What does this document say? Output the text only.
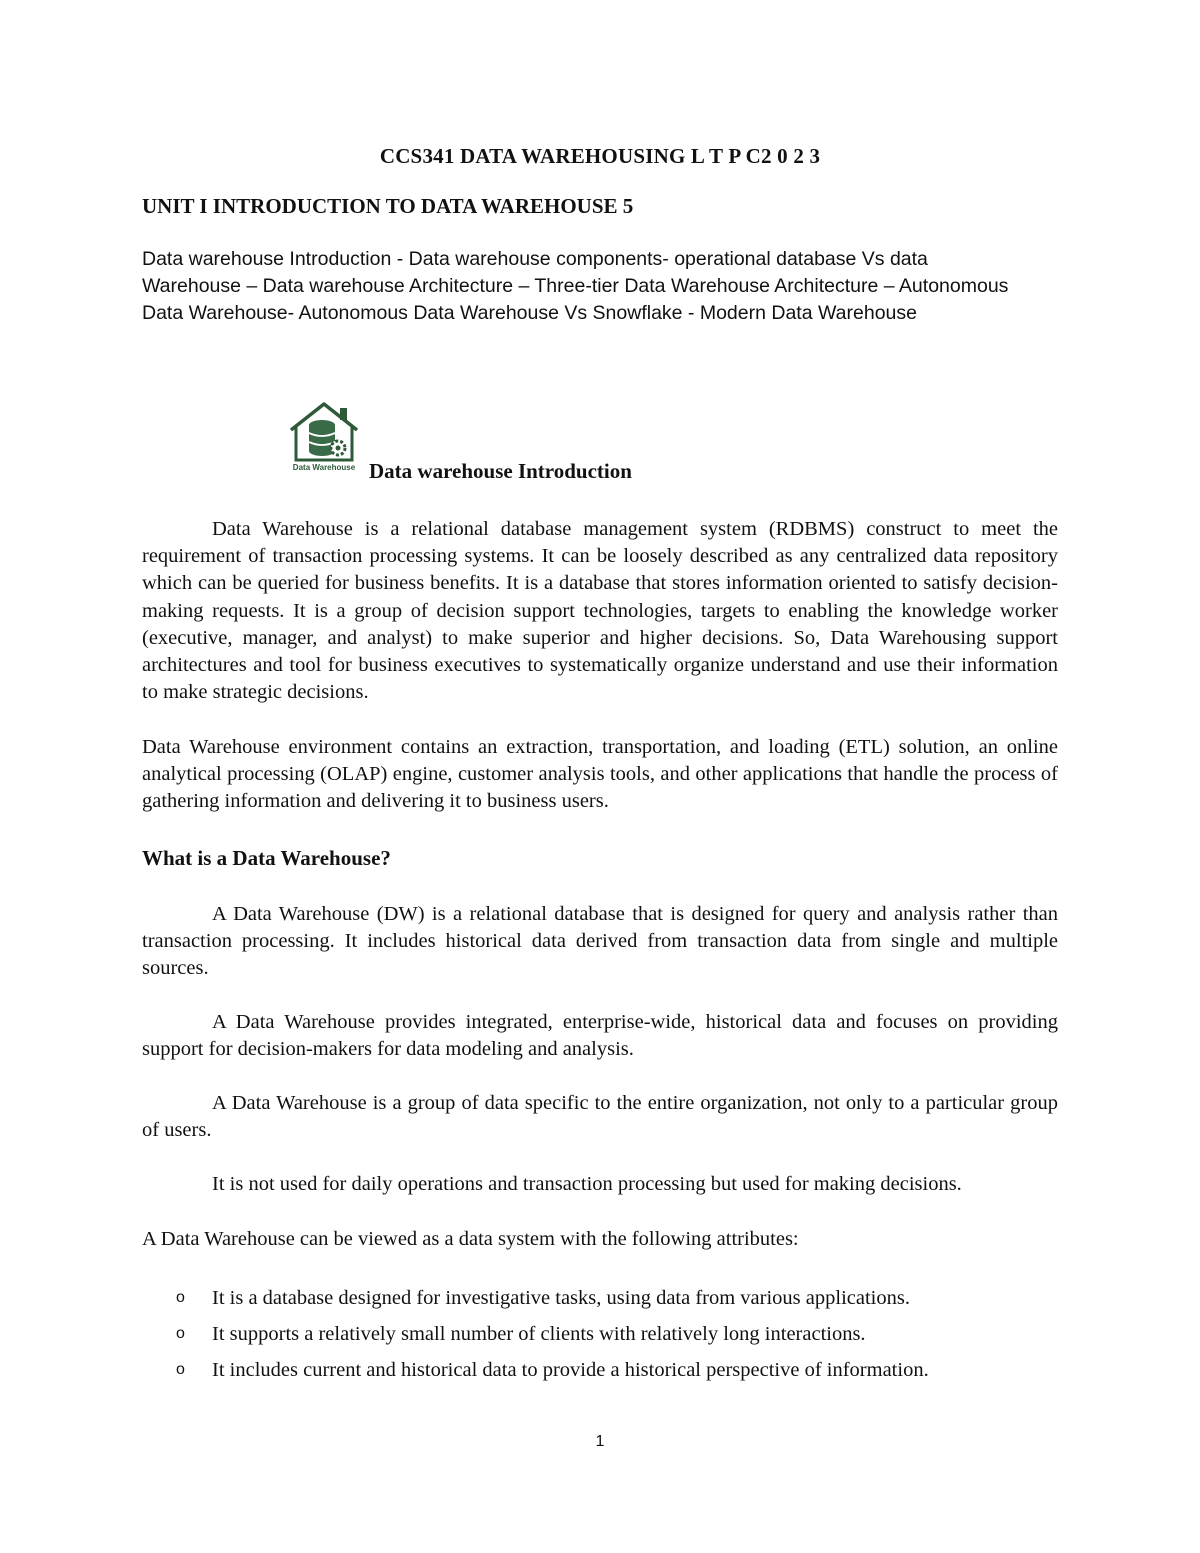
CCS341 DATA WAREHOUSING L T P C2 0 2 3
UNIT I INTRODUCTION TO DATA WAREHOUSE 5
Data warehouse Introduction - Data warehouse components- operational database Vs data Warehouse – Data warehouse Architecture – Three-tier Data Warehouse Architecture – Autonomous Data Warehouse- Autonomous Data Warehouse Vs Snowflake - Modern Data Warehouse
Data Warehouse Data warehouse Introduction
Data Warehouse is a relational database management system (RDBMS) construct to meet the requirement of transaction processing systems. It can be loosely described as any centralized data repository which can be queried for business benefits. It is a database that stores information oriented to satisfy decision-making requests. It is a group of decision support technologies, targets to enabling the knowledge worker (executive, manager, and analyst) to make superior and higher decisions. So, Data Warehousing support architectures and tool for business executives to systematically organize understand and use their information to make strategic decisions.
Data Warehouse environment contains an extraction, transportation, and loading (ETL) solution, an online analytical processing (OLAP) engine, customer analysis tools, and other applications that handle the process of gathering information and delivering it to business users.
What is a Data Warehouse?
A Data Warehouse (DW) is a relational database that is designed for query and analysis rather than transaction processing. It includes historical data derived from transaction data from single and multiple sources.
A Data Warehouse provides integrated, enterprise-wide, historical data and focuses on providing support for decision-makers for data modeling and analysis.
A Data Warehouse is a group of data specific to the entire organization, not only to a particular group of users.
It is not used for daily operations and transaction processing but used for making decisions.
A Data Warehouse can be viewed as a data system with the following attributes:
o It is a database designed for investigative tasks, using data from various applications.
o It supports a relatively small number of clients with relatively long interactions.
o It includes current and historical data to provide a historical perspective of information.
1
